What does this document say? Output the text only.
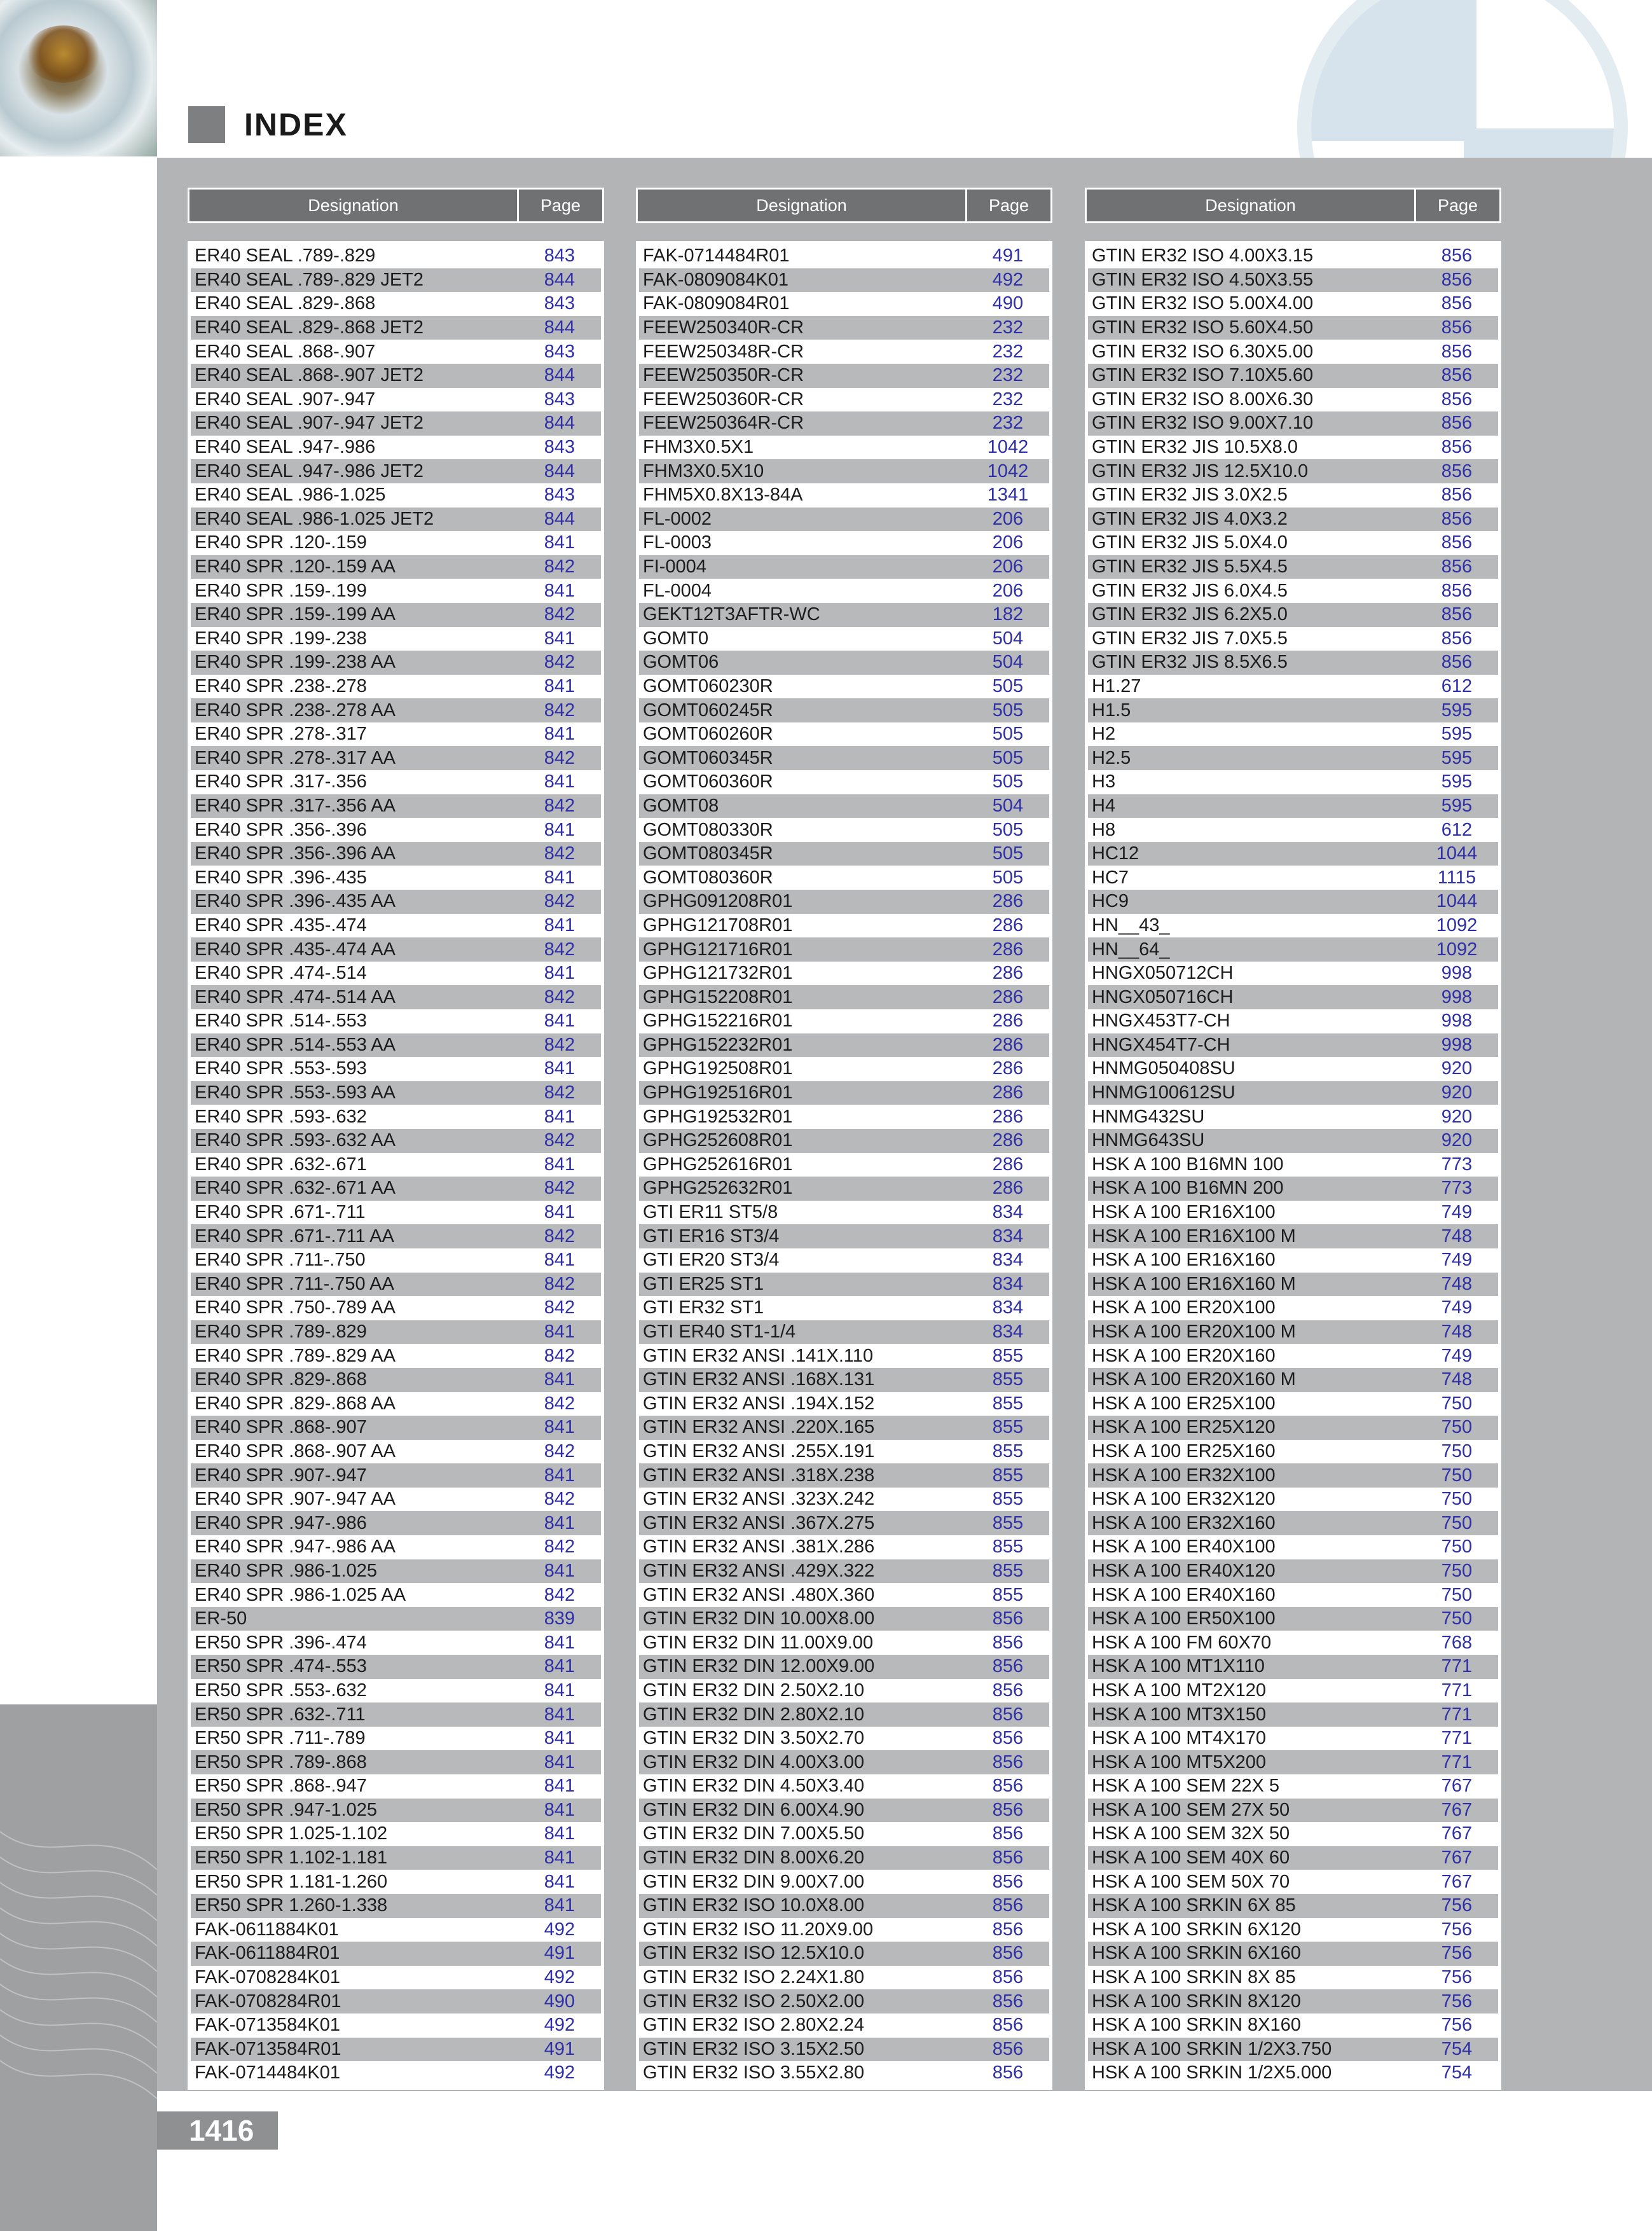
INDEX
Designation	Page
ER40 SEAL .789-.829	843
ER40 SEAL .789-.829 JET2	844
ER40 SEAL .829-.868	843
ER40 SEAL .829-.868 JET2	844
ER40 SEAL .868-.907	843
ER40 SEAL .868-.907 JET2	844
ER40 SEAL .907-.947	843
ER40 SEAL .907-.947 JET2	844
ER40 SEAL .947-.986	843
ER40 SEAL .947-.986 JET2	844
ER40 SEAL .986-1.025	843
ER40 SEAL .986-1.025 JET2	844
ER40 SPR .120-.159	841
ER40 SPR .120-.159 AA	842
ER40 SPR .159-.199	841
ER40 SPR .159-.199 AA	842
ER40 SPR .199-.238	841
ER40 SPR .199-.238 AA	842
ER40 SPR .238-.278	841
ER40 SPR .238-.278 AA	842
ER40 SPR .278-.317	841
ER40 SPR .278-.317 AA	842
ER40 SPR .317-.356	841
ER40 SPR .317-.356 AA	842
ER40 SPR .356-.396	841
ER40 SPR .356-.396 AA	842
ER40 SPR .396-.435	841
ER40 SPR .396-.435 AA	842
ER40 SPR .435-.474	841
ER40 SPR .435-.474 AA	842
ER40 SPR .474-.514	841
ER40 SPR .474-.514 AA	842
ER40 SPR .514-.553	841
ER40 SPR .514-.553 AA	842
ER40 SPR .553-.593	841
ER40 SPR .553-.593 AA	842
ER40 SPR .593-.632	841
ER40 SPR .593-.632 AA	842
ER40 SPR .632-.671	841
ER40 SPR .632-.671 AA	842
ER40 SPR .671-.711	841
ER40 SPR .671-.711 AA	842
ER40 SPR .711-.750	841
ER40 SPR .711-.750 AA	842
ER40 SPR .750-.789 AA	842
ER40 SPR .789-.829	841
ER40 SPR .789-.829 AA	842
ER40 SPR .829-.868	841
ER40 SPR .829-.868 AA	842
ER40 SPR .868-.907	841
ER40 SPR .868-.907 AA	842
ER40 SPR .907-.947	841
ER40 SPR .907-.947 AA	842
ER40 SPR .947-.986	841
ER40 SPR .947-.986 AA	842
ER40 SPR .986-1.025	841
ER40 SPR .986-1.025 AA	842
ER-50	839
ER50 SPR .396-.474	841
ER50 SPR .474-.553	841
ER50 SPR .553-.632	841
ER50 SPR .632-.711	841
ER50 SPR .711-.789	841
ER50 SPR .789-.868	841
ER50 SPR .868-.947	841
ER50 SPR .947-1.025	841
ER50 SPR 1.025-1.102	841
ER50 SPR 1.102-1.181	841
ER50 SPR 1.181-1.260	841
ER50 SPR 1.260-1.338	841
FAK-0611884K01	492
FAK-0611884R01	491
FAK-0708284K01	492
FAK-0708284R01	490
FAK-0713584K01	492
FAK-0713584R01	491
FAK-0714484K01	492
Designation	Page
FAK-0714484R01	491
FAK-0809084K01	492
FAK-0809084R01	490
FEEW250340R-CR	232
FEEW250348R-CR	232
FEEW250350R-CR	232
FEEW250360R-CR	232
FEEW250364R-CR	232
FHM3X0.5X1	1042
FHM3X0.5X10	1042
FHM5X0.8X13-84A	1341
FL-0002	206
FL-0003	206
FI-0004	206
FL-0004	206
GEKT12T3AFTR-WC	182
GOMT0	504
GOMT06	504
GOMT060230R	505
GOMT060245R	505
GOMT060260R	505
GOMT060345R	505
GOMT060360R	505
GOMT08	504
GOMT080330R	505
GOMT080345R	505
GOMT080360R	505
GPHG091208R01	286
GPHG121708R01	286
GPHG121716R01	286
GPHG121732R01	286
GPHG152208R01	286
GPHG152216R01	286
GPHG152232R01	286
GPHG192508R01	286
GPHG192516R01	286
GPHG192532R01	286
GPHG252608R01	286
GPHG252616R01	286
GPHG252632R01	286
GTI ER11 ST5/8	834
GTI ER16 ST3/4	834
GTI ER20 ST3/4	834
GTI ER25 ST1	834
GTI ER32 ST1	834
GTI ER40 ST1-1/4	834
GTIN ER32 ANSI .141X.110	855
GTIN ER32 ANSI .168X.131	855
GTIN ER32 ANSI .194X.152	855
GTIN ER32 ANSI .220X.165	855
GTIN ER32 ANSI .255X.191	855
GTIN ER32 ANSI .318X.238	855
GTIN ER32 ANSI .323X.242	855
GTIN ER32 ANSI .367X.275	855
GTIN ER32 ANSI .381X.286	855
GTIN ER32 ANSI .429X.322	855
GTIN ER32 ANSI .480X.360	855
GTIN ER32 DIN 10.00X8.00	856
GTIN ER32 DIN 11.00X9.00	856
GTIN ER32 DIN 12.00X9.00	856
GTIN ER32 DIN 2.50X2.10	856
GTIN ER32 DIN 2.80X2.10	856
GTIN ER32 DIN 3.50X2.70	856
GTIN ER32 DIN 4.00X3.00	856
GTIN ER32 DIN 4.50X3.40	856
GTIN ER32 DIN 6.00X4.90	856
GTIN ER32 DIN 7.00X5.50	856
GTIN ER32 DIN 8.00X6.20	856
GTIN ER32 DIN 9.00X7.00	856
GTIN ER32 ISO 10.0X8.00	856
GTIN ER32 ISO 11.20X9.00	856
GTIN ER32 ISO 12.5X10.0	856
GTIN ER32 ISO 2.24X1.80	856
GTIN ER32 ISO 2.50X2.00	856
GTIN ER32 ISO 2.80X2.24	856
GTIN ER32 ISO 3.15X2.50	856
GTIN ER32 ISO 3.55X2.80	856
Designation	Page
GTIN ER32 ISO 4.00X3.15	856
GTIN ER32 ISO 4.50X3.55	856
GTIN ER32 ISO 5.00X4.00	856
GTIN ER32 ISO 5.60X4.50	856
GTIN ER32 ISO 6.30X5.00	856
GTIN ER32 ISO 7.10X5.60	856
GTIN ER32 ISO 8.00X6.30	856
GTIN ER32 ISO 9.00X7.10	856
GTIN ER32 JIS 10.5X8.0	856
GTIN ER32 JIS 12.5X10.0	856
GTIN ER32 JIS 3.0X2.5	856
GTIN ER32 JIS 4.0X3.2	856
GTIN ER32 JIS 5.0X4.0	856
GTIN ER32 JIS 5.5X4.5	856
GTIN ER32 JIS 6.0X4.5	856
GTIN ER32 JIS 6.2X5.0	856
GTIN ER32 JIS 7.0X5.5	856
GTIN ER32 JIS 8.5X6.5	856
H1.27	612
H1.5	595
H2	595
H2.5	595
H3	595
H4	595
H8	612
HC12	1044
HC7	1115
HC9	1044
HN__43_	1092
HN__64_	1092
HNGX050712CH	998
HNGX050716CH	998
HNGX453T7-CH	998
HNGX454T7-CH	998
HNMG050408SU	920
HNMG100612SU	920
HNMG432SU	920
HNMG643SU	920
HSK A 100 B16MN 100	773
HSK A 100 B16MN 200	773
HSK A 100 ER16X100	749
HSK A 100 ER16X100 M	748
HSK A 100 ER16X160	749
HSK A 100 ER16X160 M	748
HSK A 100 ER20X100	749
HSK A 100 ER20X100 M	748
HSK A 100 ER20X160	749
HSK A 100 ER20X160 M	748
HSK A 100 ER25X100	750
HSK A 100 ER25X120	750
HSK A 100 ER25X160	750
HSK A 100 ER32X100	750
HSK A 100 ER32X120	750
HSK A 100 ER32X160	750
HSK A 100 ER40X100	750
HSK A 100 ER40X120	750
HSK A 100 ER40X160	750
HSK A 100 ER50X100	750
HSK A 100 FM 60X70	768
HSK A 100 MT1X110	771
HSK A 100 MT2X120	771
HSK A 100 MT3X150	771
HSK A 100 MT4X170	771
HSK A 100 MT5X200	771
HSK A 100 SEM 22X 5	767
HSK A 100 SEM 27X 50	767
HSK A 100 SEM 32X 50	767
HSK A 100 SEM 40X 60	767
HSK A 100 SEM 50X 70	767
HSK A 100 SRKIN 6X 85	756
HSK A 100 SRKIN 6X120	756
HSK A 100 SRKIN 6X160	756
HSK A 100 SRKIN 8X 85	756
HSK A 100 SRKIN 8X120	756
HSK A 100 SRKIN 8X160	756
HSK A 100 SRKIN 1/2X3.750	754
HSK A 100 SRKIN 1/2X5.000	754
1416
